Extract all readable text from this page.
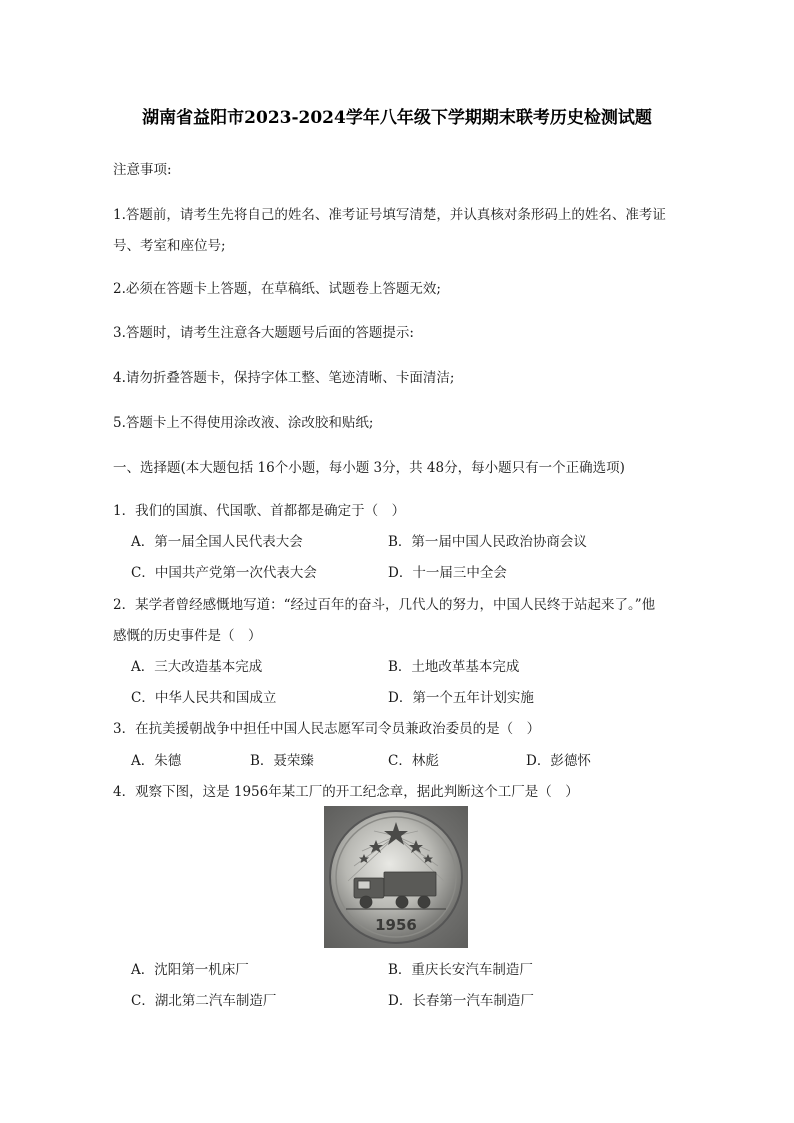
湖南省益阳市2023-2024学年八年级下学期期末联考历史检测试题
注意事项:
1.答题前，请考生先将自己的姓名、准考证号填写清楚，并认真核对条形码上的姓名、准考证
号、考室和座位号;
2.必须在答题卡上答题，在草稿纸、试题卷上答题无效;
3.答题时，请考生注意各大题题号后面的答题提示:
4.请勿折叠答题卡，保持字体工整、笔迹清晰、卡面清洁;
5.答题卡上不得使用涂改液、涂改胶和贴纸;
一、选择题(本大题包括 16个小题，每小题 3分，共 48分，每小题只有一个正确选项)
1．我们的国旗、代国歌、首都都是确定于（　）
A．第一届全国人民代表大会	B．第一届中国人民政治协商会议
C．中国共产党第一次代表大会	D．十一届三中全会
2．某学者曾经感慨地写道：“经过百年的奋斗，几代人的努力，中国人民终于站起来了。”他
感慨的历史事件是（　）
A．三大改造基本完成	B．土地改革基本完成
C．中华人民共和国成立	D．第一个五年计划实施
3．在抗美援朝战争中担任中国人民志愿军司令员兼政治委员的是（　）
A．朱德	B．聂荣臻	C．林彪	D．彭德怀
4．观察下图，这是 1956年某工厂的开工纪念章，据此判断这个工厂是（　）
1956
A．沈阳第一机床厂	B．重庆长安汽车制造厂
C．湖北第二汽车制造厂	D．长春第一汽车制造厂
